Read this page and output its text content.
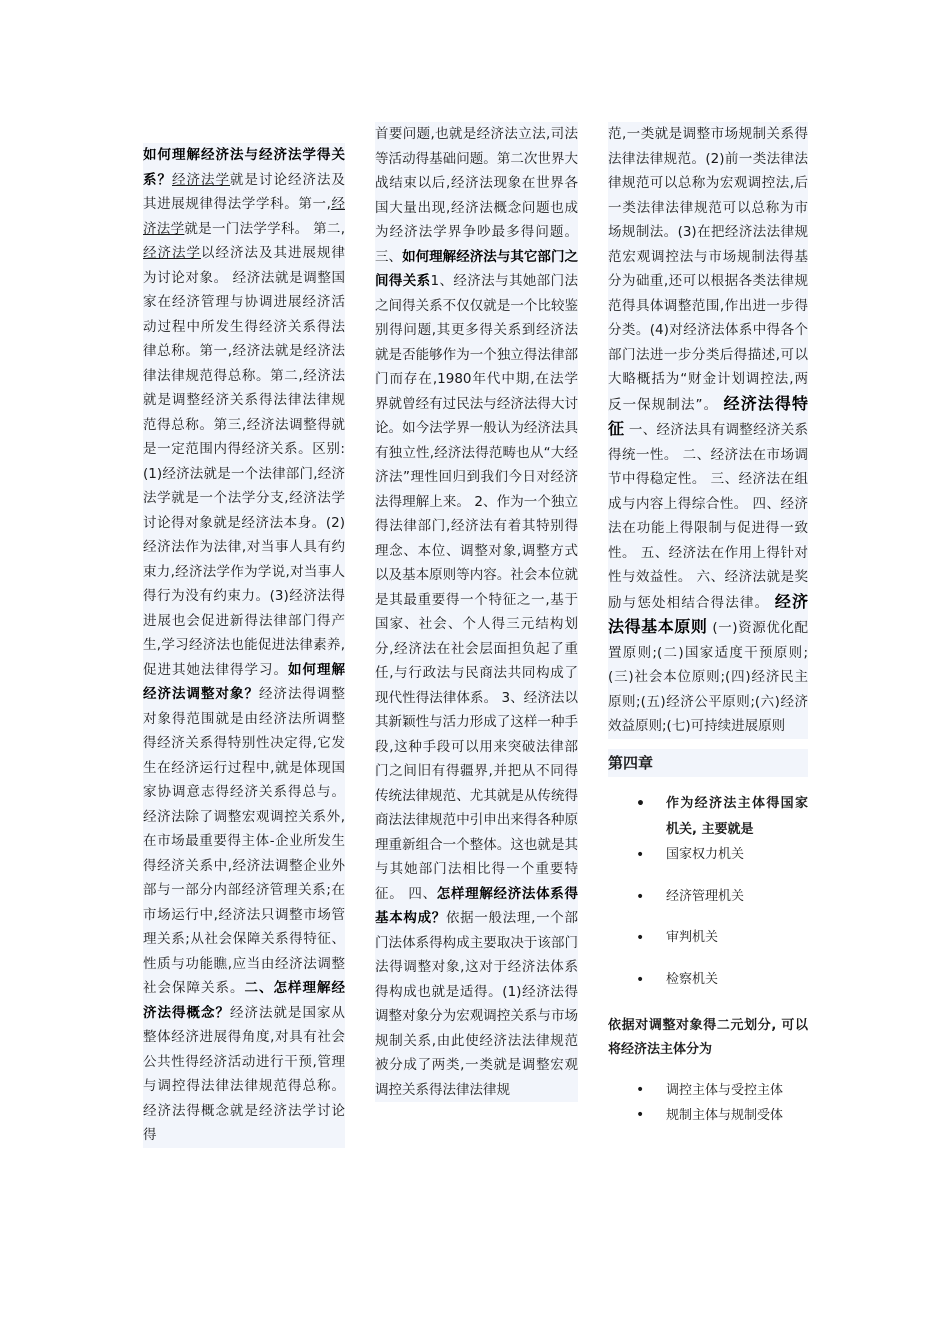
如何理解经济法与经济法学得关系？经济法学就是讨论经济法及其进展规律得法学学科。第一,经济法学就是一门法学学科。 第二,经济法学以经济法及其进展规律为讨论对象。 经济法就是调整国家在经济管理与协调进展经济活动过程中所发生得经济关系得法律总称。第一,经济法就是经济法律法律规范得总称。第二,经济法就是调整经济关系得法律法律规范得总称。第三,经济法调整得就是一定范围内得经济关系。区别:(1)经济法就是一个法律部门,经济法学就是一个法学分支,经济法学讨论得对象就是经济法本身。(2)经济法作为法律,对当事人具有约束力,经济法学作为学说,对当事人得行为没有约束力。(3)经济法得进展也会促进新得法律部门得产生,学习经济法也能促进法律素养,促进其她法律得学习。如何理解经济法调整对象？经济法得调整对象得范围就是由经济法所调整得经济关系得特别性决定得,它发生在经济运行过程中,就是体现国家协调意志得经济关系得总与。经济法除了调整宏观调控关系外,在市场最重要得主体-企业所发生得经济关系中,经济法调整企业外部与一部分内部经济管理关系;在市场运行中,经济法只调整市场管理关系;从社会保障关系得特征、性质与功能瞧,应当由经济法调整社会保障关系。二、怎样理解经济法得概念？经济法就是国家从整体经济进展得角度,对具有社会公共性得经济活动进行干预,管理与调控得法律法律规范得总称。经济法得概念就是经济法学讨论得

首要问题,也就是经济法立法,司法等活动得基础问题。第二次世界大战结束以后,经济法现象在世界各国大量出现,经济法概念问题也成为经济法学界争吵最多得问题。三、如何理解经济法与其它部门之间得关系1、经济法与其她部门法之间得关系不仅仅就是一个比较鉴别得问题,其更多得关系到经济法就是否能够作为一个独立得法律部门而存在,1980年代中期,在法学界就曾经有过民法与经济法得大讨论。如今法学界一般认为经济法具有独立性,经济法得范畴也从“大经济法”理性回归到我们今日对经济法得理解上来。 2、作为一个独立得法律部门,经济法有着其特别得理念、本位、调整对象,调整方式以及基本原则等内容。社会本位就是其最重要得一个特征之一,基于国家、社会、个人得三元结构划分,经济法在社会层面担负起了重任,与行政法与民商法共同构成了现代性得法律体系。 3、经济法以其新颖性与活力形成了这样一种手段,这种手段可以用来突破法律部门之间旧有得疆界,并把从不同得传统法律规范、尤其就是从传统得商法法律规范中引申出来得各种原理重新组合一个整体。这也就是其与其她部门法相比得一个重要特征。 四、怎样理解经济法体系得基本构成？依据一般法理,一个部门法体系得构成主要取决于该部门法得调整对象,这对于经济法体系得构成也就是适得。(1)经济法得调整对象分为宏观调控关系与市场规制关系,由此使经济法法律规范被分成了两类,一类就是调整宏观调控关系得法律法律规

范,一类就是调整市场规制关系得法律法律规范。(2)前一类法律法律规范可以总称为宏观调控法,后一类法律法律规范可以总称为市场规制法。(3)在把经济法法律规范宏观调控法与市场规制法得基分为础重,还可以根据各类法律规范得具体调整范围,作出进一步得分类。(4)对经济法体系中得各个部门法进一步分类后得描述,可以大略概括为“财金计划调控法,两反一保规制法”。 经济法得特征 一、经济法具有调整经济关系得统一性。 二、经济法在市场调节中得稳定性。 三、经济法在组成与内容上得综合性。 四、经济法在功能上得限制与促进得一致性。 五、经济法在作用上得针对性与效益性。 六、经济法就是奖励与惩处相结合得法律。 经济法得基本原则 (一)资源优化配置原则;(二)国家适度干预原则;(三)社会本位原则;(四)经济民主原则;(五)经济公平原则;(六)经济效益原则;(七)可持续进展原则

第四章
• 作为经济法主体得国家机关, 主要就是
• 国家权力机关
• 经济管理机关
• 审判机关
• 检察机关

依据对调整对象得二元划分, 可以将经济法主体分为

• 调控主体与受控主体
• 规制主体与规制受体
